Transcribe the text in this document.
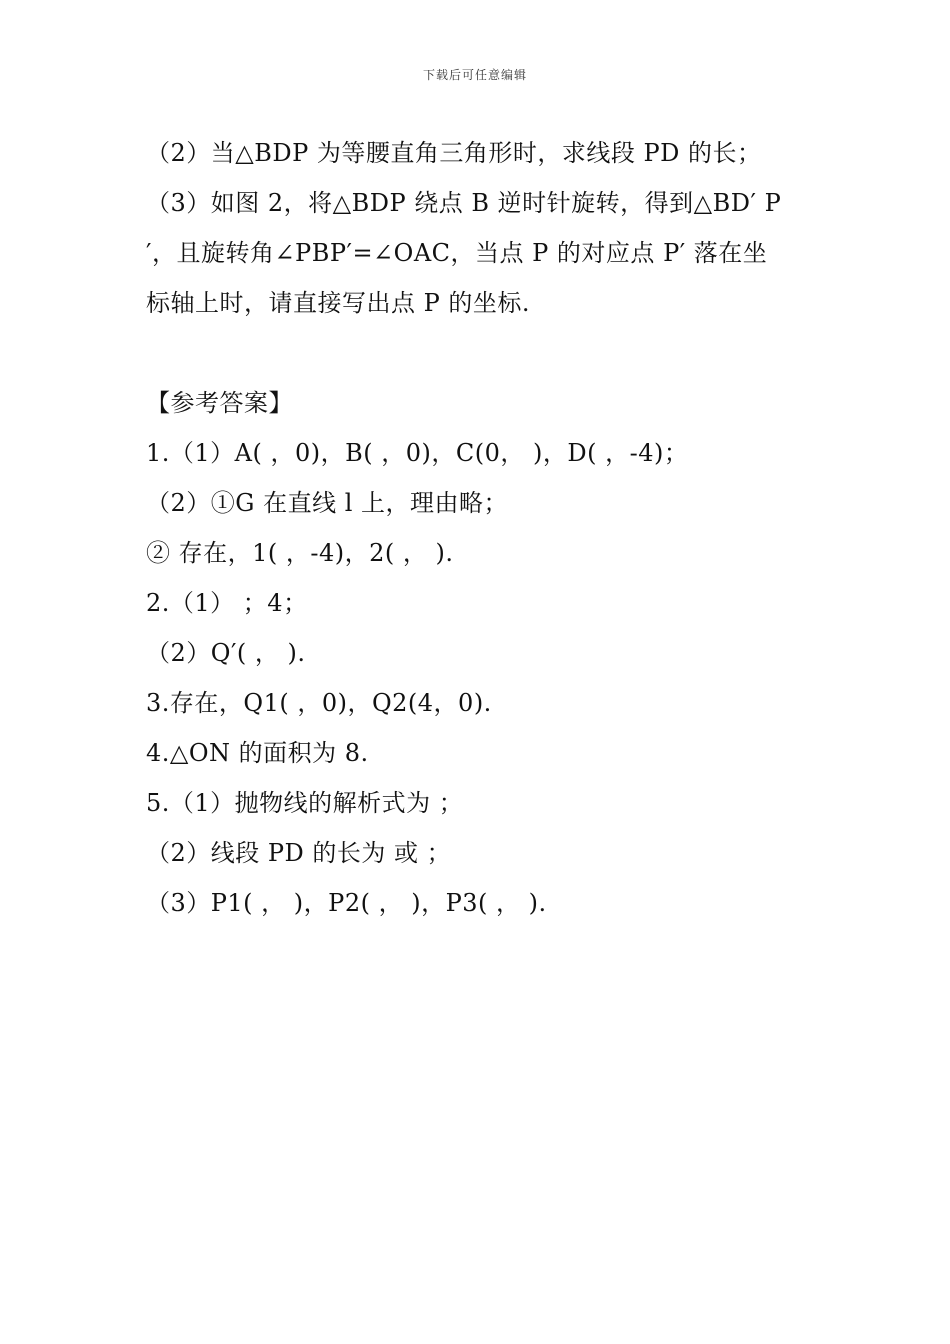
下载后可任意编辑
（2）当△BDP 为等腰直角三角形时，求线段 PD 的长；
（3）如图 2，将△BDP 绕点 B 逆时针旋转，得到△BD′ P
′，且旋转角∠PBP′=∠OAC，当点 P 的对应点 P′ 落在坐
标轴上时，请直接写出点 P 的坐标.
【参考答案】
1.（1）A( ，0)，B( ，0)，C(0， )，D( ，-4)；
（2）①G 在直线 l 上，理由略；
② 存在，1( ，-4)，2( ， ).
2.（1） ；4；
（2）Q′( ， ).
3.存在，Q1( ，0)，Q2(4，0).
4.△ON 的面积为 8.
5.（1）抛物线的解析式为 ；
（2）线段 PD 的长为 或 ；
（3）P1( ， )，P2( ， )，P3( ， ).
